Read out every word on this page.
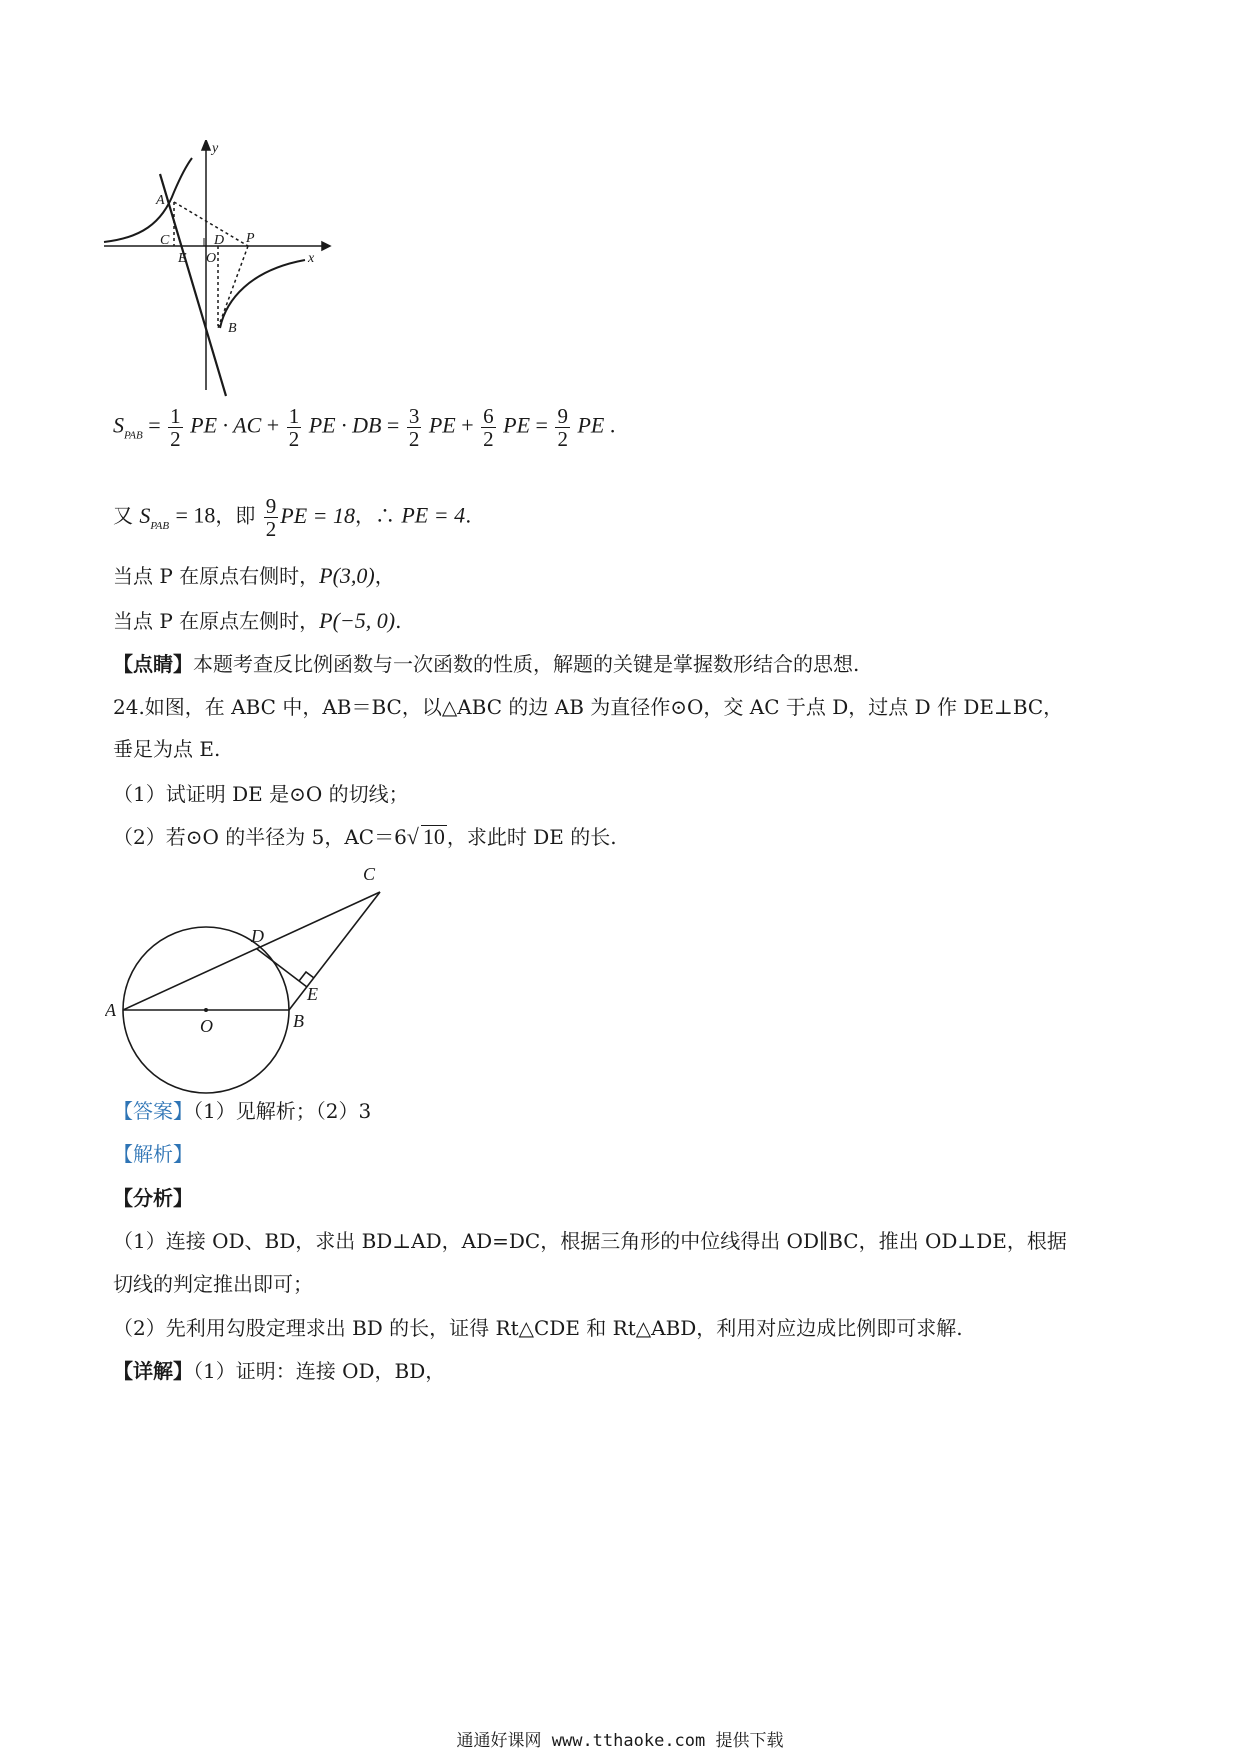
y
x
A
C	D P
E O
B
$S_{PAB} = \frac{1}{2}$ PE · AC + $\frac{1}{2}$ PE · DB = $\frac{3}{2}$ PE + $\frac{6}{2}$ PE = $\frac{9}{2}$ PE .
又 $S_{PAB} = 18$，即 $\frac{9}{2}$ PE = 18，∴ PE = 4.
当点 P 在原点右侧时，P(3,0)，
当点 P 在原点左侧时，P(−5, 0).
【点睛】本题考查反比例函数与一次函数的性质，解题的关键是掌握数形结合的思想.
24.如图，在 ABC 中，AB＝BC，以△ABC 的边 AB 为直径作⊙O，交 AC 于点 D，过点 D 作 DE⊥BC，
垂足为点 E.
（1）试证明 DE 是⊙O 的切线；
（2）若⊙O 的半径为 5，AC＝6√ 10 ，求此时 DE 的长.
A
B
C
D
E
O
【答案】（1）见解析；（2）3
【解析】
【分析】
（1）连接 OD、BD，求出 BD⊥AD，AD=DC，根据三角形的中位线得出 OD∥BC，推出 OD⊥DE，根据
切线的判定推出即可；
（2）先利用勾股定理求出 BD 的长，证得 Rt△CDE 和 Rt△ABD，利用对应边成比例即可求解.
【详解】（1）证明：连接 OD，BD，
通通好课网 www.tthaoke.com 提供下载
